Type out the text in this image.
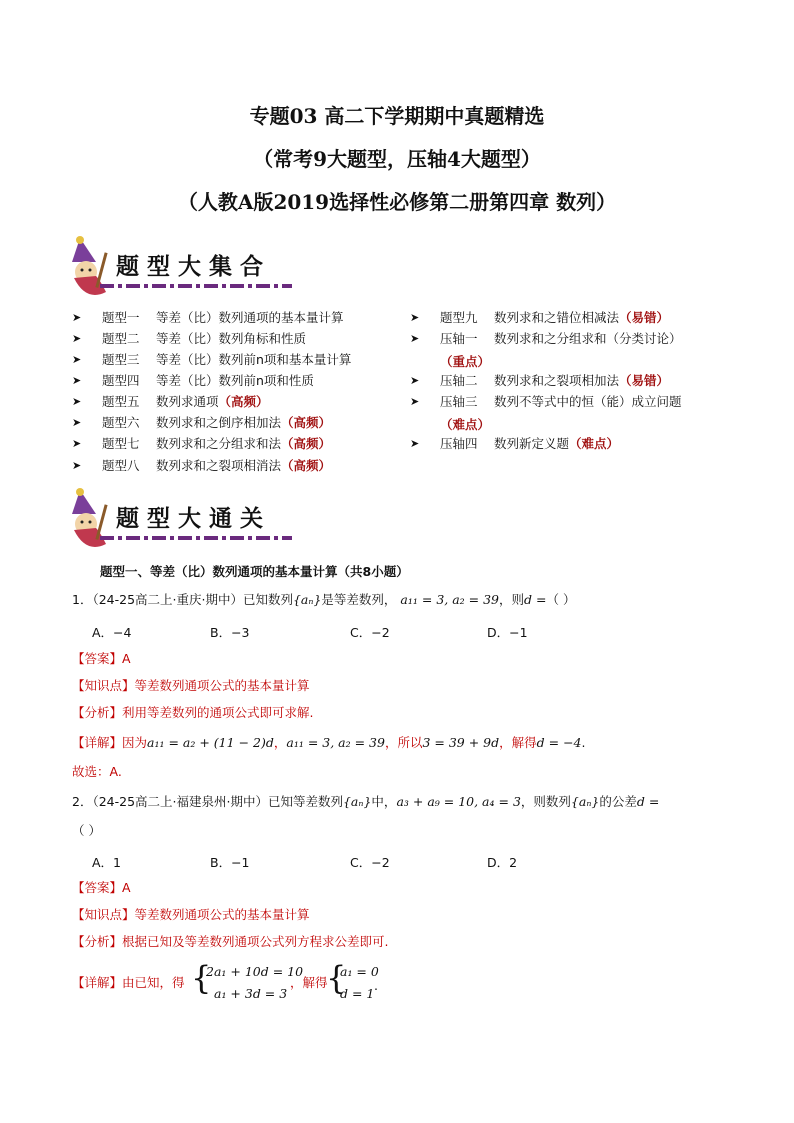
专题03 高二下学期期中真题精选
（常考9大题型，压轴4大题型）
（人教A版2019选择性必修第二册第四章 数列）
题型大集合
➤ 题型一 等差（比）数列通项的基本量计算
➤ 题型二 等差（比）数列角标和性质
➤ 题型三 等差（比）数列前n项和基本量计算
➤ 题型四 等差（比）数列前n项和性质
➤ 题型五 数列求通项（高频）
➤ 题型六 数列求和之倒序相加法（高频）
➤ 题型七 数列求和之分组求和法（高频）
➤ 题型八 数列求和之裂项相消法（高频）
➤ 题型九 数列求和之错位相减法（易错）
➤ 压轴一 数列求和之分组求和（分类讨论）
（重点）
➤ 压轴二 数列求和之裂项相加法（易错）
➤ 压轴三 数列不等式中的恒（能）成立问题
（难点）
➤ 压轴四 数列新定义题（难点）
题型大通关
题型一、等差（比）数列通项的基本量计算（共8小题）
1．（24-25高二上·重庆·期中）已知数列{aₙ}是等差数列， a₁₁ = 3, a₂ = 39，则d =（ ）
A．−4	B．−3	C．−2	D．−1
【答案】A
【知识点】等差数列通项公式的基本量计算
【分析】利用等差数列的通项公式即可求解.
【详解】因为a₁₁ = a₂ + (11 − 2)d，a₁₁ = 3, a₂ = 39，所以3 = 39 + 9d，解得d = −4.
故选：A.
2．（24-25高二上·福建泉州·期中）已知等差数列{aₙ}中，a₃ + a₉ = 10, a₄ = 3，则数列{aₙ}的公差d =
（ ）
A．1	B．−1	C．−2	D．2
【答案】A
【知识点】等差数列通项公式的基本量计算
【分析】根据已知及等差数列通项公式列方程求公差即可.
【详解】由已知，得 {
2a₁ + 10d = 10
a₁ + 3d = 3
，解得
{
a₁ = 0
d = 1
.
